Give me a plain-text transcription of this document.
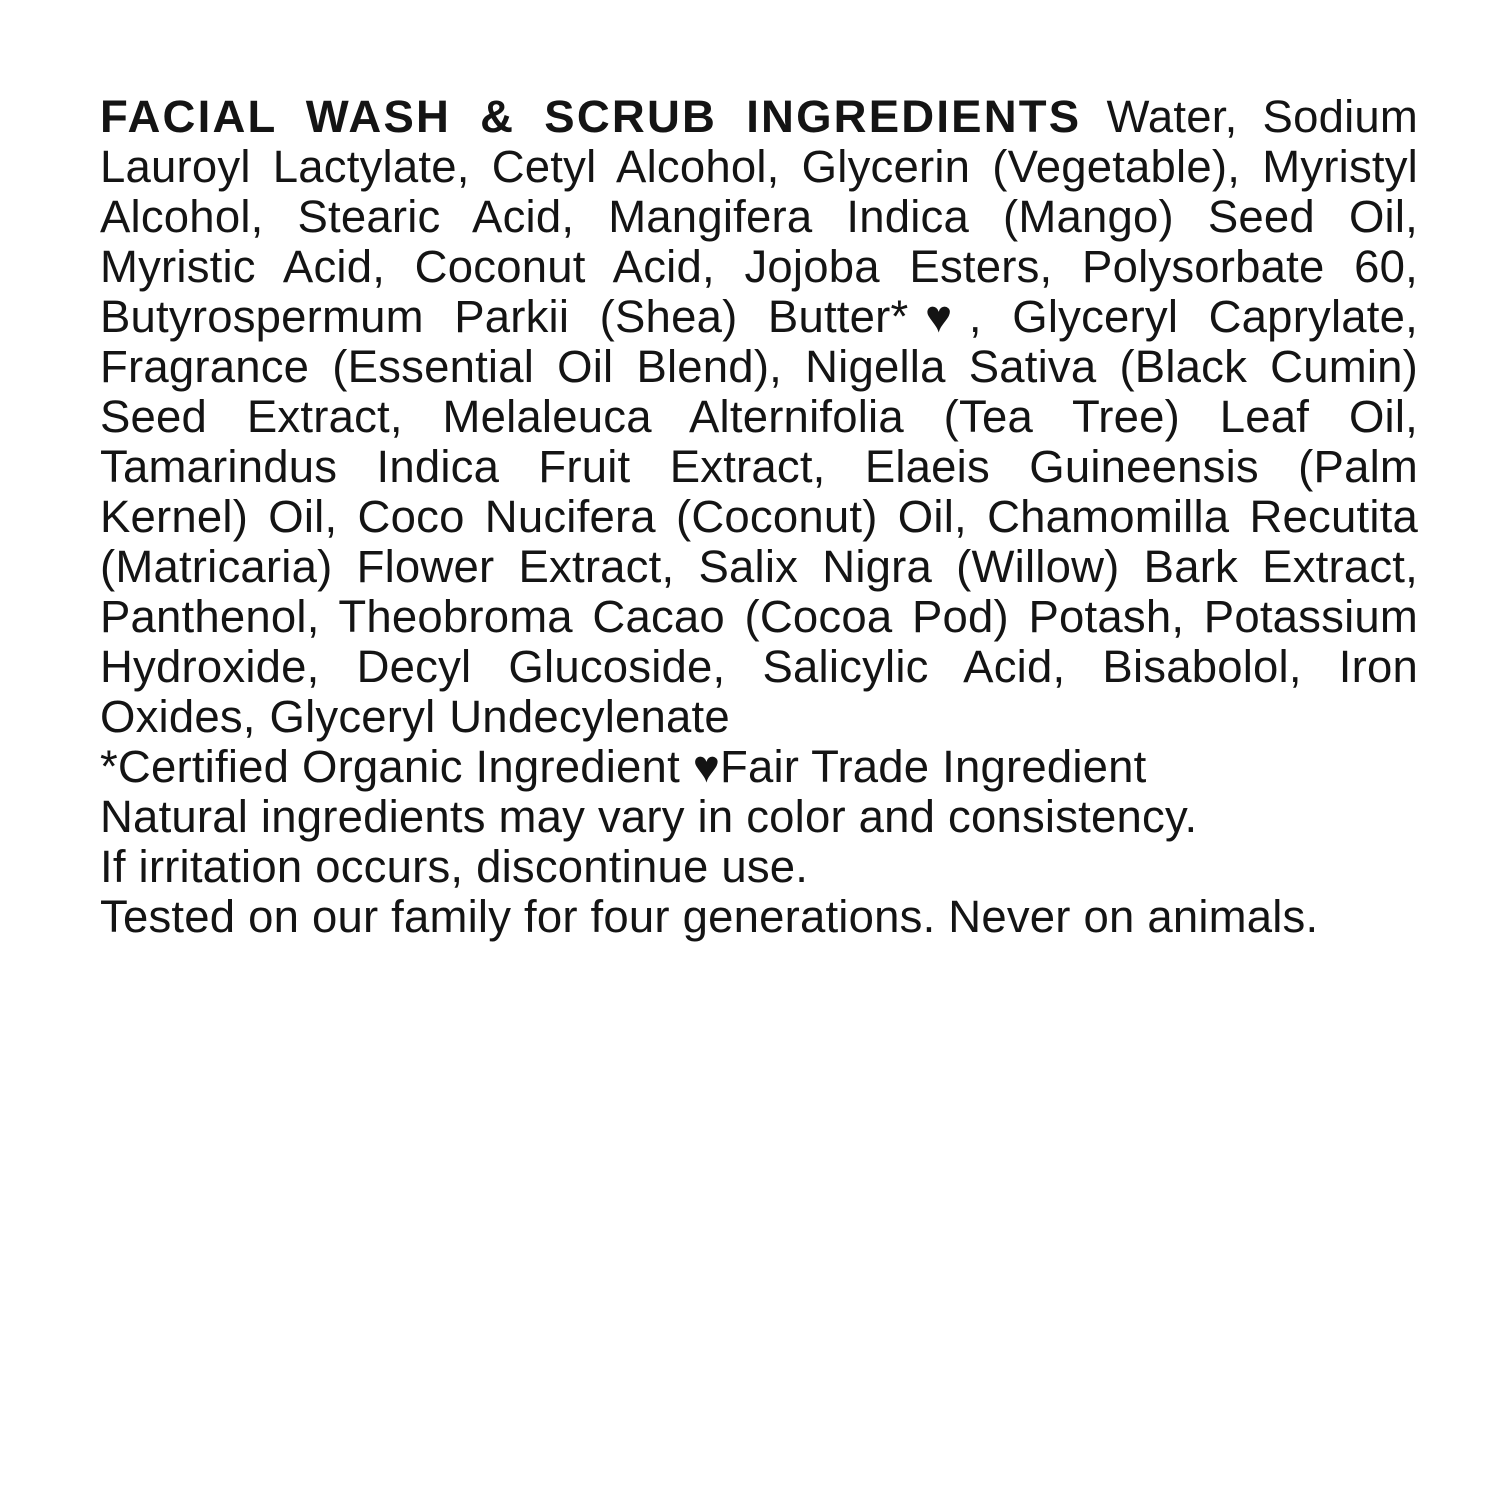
FACIAL WASH & SCRUB INGREDIENTS Water, Sodium Lauroyl Lactylate, Cetyl Alcohol, Glycerin (Vegetable), Myristyl Alcohol, Stearic Acid, Mangifera Indica (Mango) Seed Oil, Myristic Acid, Coconut Acid, Jojoba Esters, Polysorbate 60, Butyrospermum Parkii (Shea) Butter*♥, Glyceryl Caprylate, Fragrance (Essential Oil Blend), Nigella Sativa (Black Cumin) Seed Extract, Melaleuca Alternifolia (Tea Tree) Leaf Oil, Tamarindus Indica Fruit Extract, Elaeis Guineensis (Palm Kernel) Oil, Coco Nucifera (Coconut) Oil, Chamomilla Recutita (Matricaria) Flower Extract, Salix Nigra (Willow) Bark Extract, Panthenol, Theobroma Cacao (Cocoa Pod) Potash, Potassium Hydroxide, Decyl Glucoside, Salicylic Acid, Bisabolol, Iron Oxides, Glyceryl Undecylenate

*Certified Organic Ingredient ♥Fair Trade Ingredient
Natural ingredients may vary in color and consistency.
If irritation occurs, discontinue use.
Tested on our family for four generations. Never on animals.
